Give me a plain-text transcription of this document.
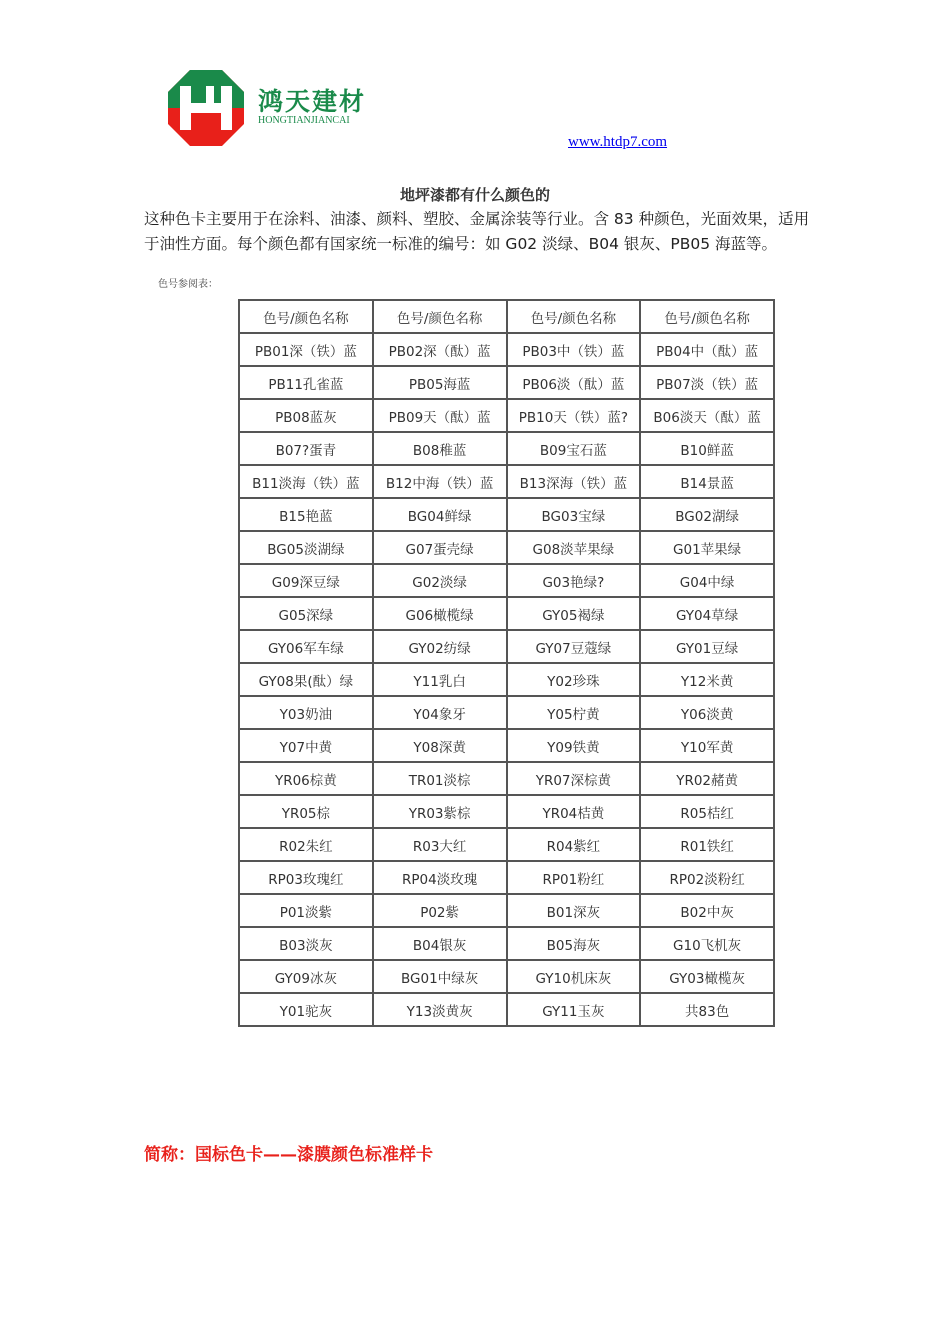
鸿天建材
HONGTIANJIANCAI
www.htdp7.com
地坪漆都有什么颜色的
这种色卡主要用于在涂料、油漆、颜料、塑胶、金属涂装等行业。含 83 种颜色，光面效果，适用于油性方面。每个颜色都有国家统一标准的编号：如 G02 淡绿、B04 银灰、PB05 海蓝等。
色号参阅表：
色号/颜色名称	色号/颜色名称	色号/颜色名称	色号/颜色名称
PB01深（铁）蓝	PB02深（酞）蓝	PB03中（铁）蓝	PB04中（酞）蓝
PB11孔雀蓝	PB05海蓝	PB06淡（酞）蓝	PB07淡（铁）蓝
PB08蓝灰	PB09天（酞）蓝	PB10天（铁）蓝?	B06淡天（酞）蓝
B07?蛋青	B08稚蓝	B09宝石蓝	B10鲜蓝
B11淡海（铁）蓝	B12中海（铁）蓝	B13深海（铁）蓝	B14景蓝
B15艳蓝	BG04鲜绿	BG03宝绿	BG02湖绿
BG05淡湖绿	G07蛋壳绿	G08淡苹果绿	G01苹果绿
G09深豆绿	G02淡绿	G03艳绿?	G04中绿
G05深绿	G06橄榄绿	GY05褐绿	GY04草绿
GY06军车绿	GY02纺绿	GY07豆蔻绿	GY01豆绿
GY08果(酞）绿	Y11乳白	Y02珍珠	Y12米黄
Y03奶油	Y04象牙	Y05柠黄	Y06淡黄
Y07中黄	Y08深黄	Y09铁黄	Y10军黄
YR06棕黄	TR01淡棕	YR07深棕黄	YR02赭黄
YR05棕	YR03紫棕	YR04桔黄	R05桔红
R02朱红	R03大红	R04紫红	R01铁红
RP03玫瑰红	RP04淡玫瑰	RP01粉红	RP02淡粉红
P01淡紫	P02紫	B01深灰	B02中灰
B03淡灰	B04银灰	B05海灰	G10飞机灰
GY09冰灰	BG01中绿灰	GY10机床灰	GY03橄榄灰
Y01驼灰	Y13淡黄灰	GY11玉灰	共83色
简称：国标色卡——漆膜颜色标准样卡
